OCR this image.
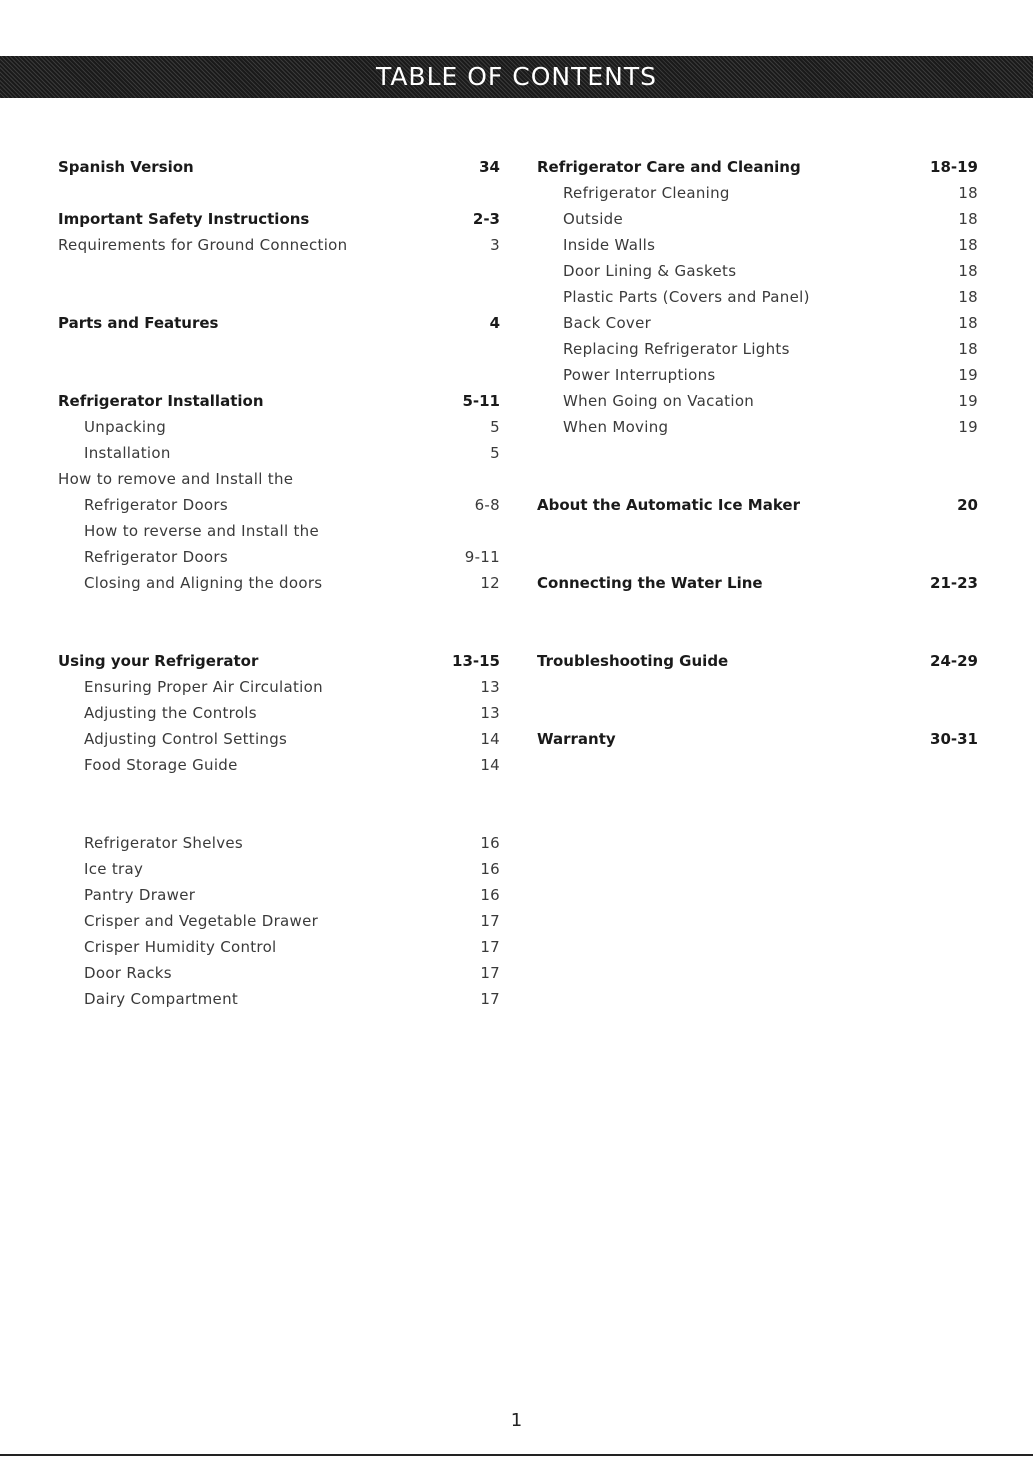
TABLE OF CONTENTS
Spanish Version	34
Important Safety Instructions	2-3
Requirements for Ground Connection	3
Parts and Features	4
Refrigerator Installation	5-11
Unpacking	5
Installation	5
How to remove and Install the
Refrigerator Doors	6-8
How to reverse and Install the
Refrigerator Doors	9-11
Closing and Aligning the doors	12
Using your Refrigerator	13-15
Ensuring Proper Air Circulation	13
Adjusting the Controls	13
Adjusting Control Settings	14
Food Storage Guide	14
Refrigerator Shelves	16
Ice tray	16
Pantry Drawer	16
Crisper and Vegetable Drawer	17
Crisper Humidity Control	17
Door Racks	17
Dairy Compartment	17
Refrigerator Care and Cleaning	18-19
Refrigerator Cleaning	18
Outside	18
Inside Walls	18
Door Lining & Gaskets	18
Plastic Parts (Covers and Panel)	18
Back Cover	18
Replacing Refrigerator Lights	18
Power Interruptions	19
When Going on Vacation	19
When Moving	19
About the Automatic Ice Maker	20
Connecting the Water Line	21-23
Troubleshooting Guide	24-29
Warranty	30-31
1
